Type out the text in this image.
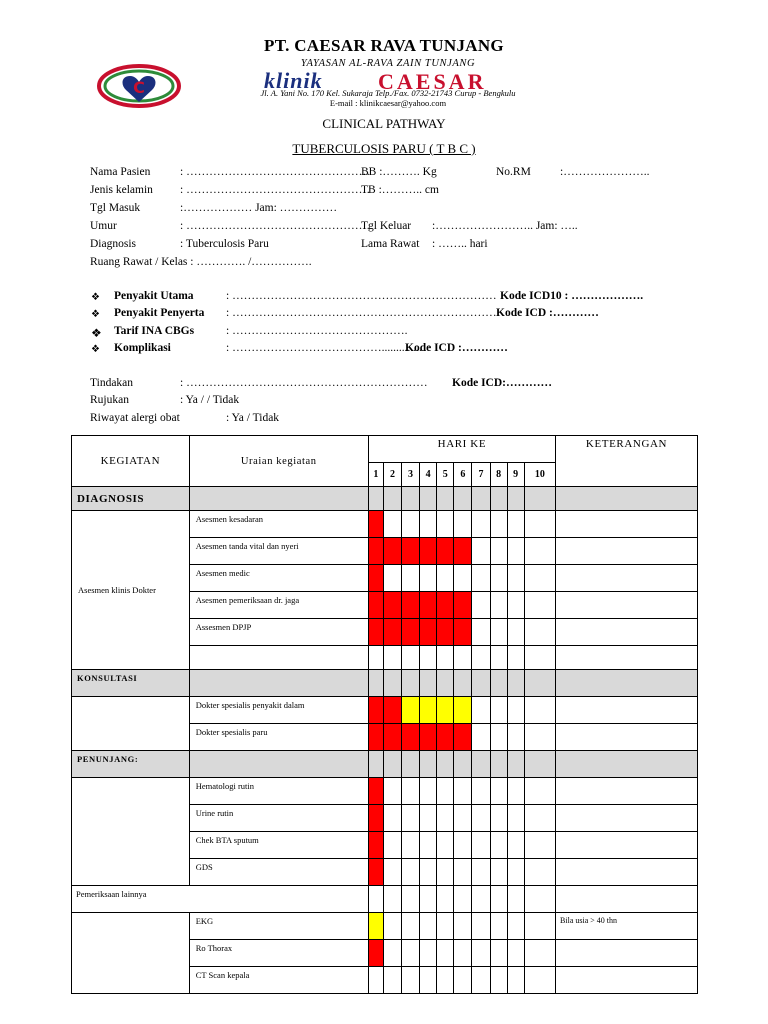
PT. CAESAR RAVA TUNJANG
C
YAYASAN AL-RAVA ZAIN TUNJANG
klinik	CAESAR
Jl. A. Yani No. 170 Kel. Sukaraja Telp./Fax. 0732-21743 Curup - Bengkulu
E-mail : klinikcaesar@yahoo.com
CLINICAL PATHWAY
TUBERCULOSIS PARU ( T B C )
Nama Pasien	: …………………………………………
BB :………. Kg	No.RM	:…………………..
Jenis kelamin : …………………………………………
TB :……….. cm
Tgl Masuk	:……………… Jam: ……………
Umur	: …………………………………………
Tgl Keluar :…………………….. Jam: …..
Diagnosis	: Tuberculosis Paru	Lama Rawat : …….. hari
Ruang Rawat / Kelas : …………. /…………….
❖ Penyakit Utama	: …………………………………………………………… Kode ICD10 : ……………….
❖ Penyakit Penyerta : …………………………………………………………… Kode ICD :…………
❖ Tarif INA CBGs	: ……………………………………….
❖ Komplikasi	: …………………………………..............
Kode ICD :…………
Tindakan	: ……………………………………………………… Kode ICD:…………
Rujukan	: Ya / / Tidak
Riwayat alergi obat	: Ya / Tidak
KEGIATAN	Uraian kegiatan	HARI KE										KETERANGAN
		1	2	3	4	5	6	7	8	9	10	
DIAGNOSIS												
Asesmen klinis Dokter	Asesmen kesadaran											
	Asesmen tanda vital dan nyeri											
	Asesmen medic											
	Asesmen pemeriksaan dr. jaga											
	Assesmen DPJP											

KONSULTASI												
	Dokter spesialis penyakit dalam											
	Dokter spesialis paru											
PENUNJANG:												
	Hematologi rutin											
	Urine rutin											
	Chek BTA sputum											
	GDS											
Pemeriksaan lainnya												
	EKG											Bila usia > 40 thn
	Ro Thorax											
	CT Scan kepala											
